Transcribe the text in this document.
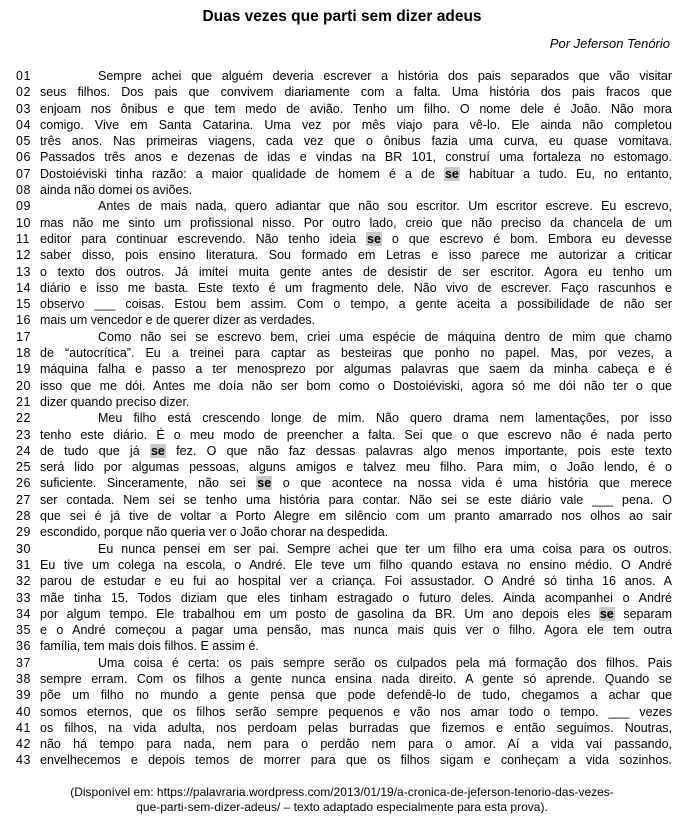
Duas vezes que parti sem dizer adeus
Por Jeferson Tenório
01	Sempre achei que alguém deveria escrever a história dos pais separados que vão visitar
02 seus filhos. Dos pais que convivem diariamente com a falta. Uma história dos pais fracos que
03 enjoam nos ônibus e que tem medo de avião. Tenho um filho. O nome dele é João. Não mora
04 comigo. Vive em Santa Catarina. Uma vez por mês viajo para vê-lo. Ele ainda não completou
05 três anos. Nas primeiras viagens, cada vez que o ônibus fazia uma curva, eu quase vomitava.
06 Passados três anos e dezenas de idas e vindas na BR 101, construí uma fortaleza no estomago.
07 Dostoiéviski tinha razão: a maior qualidade de homem é a de se habituar a tudo. Eu, no entanto,
08 ainda não domei os aviões.
09	Antes de mais nada, quero adiantar que não sou escritor. Um escritor escreve. Eu escrevo,
10 mas não me sinto um profissional nisso. Por outro lado, creio que não preciso da chancela de um
11 editor para continuar escrevendo. Não tenho ideia se o que escrevo é bom. Embora eu devesse
12 saber disso, pois ensino literatura. Sou formado em Letras e isso parece me autorizar a criticar
13 o texto dos outros. Já imitei muita gente antes de desistir de ser escritor. Agora eu tenho um
14 diário e isso me basta. Este texto é um fragmento dele. Não vivo de escrever. Faço rascunhos e
15 observo ___ coisas. Estou bem assim. Com o tempo, a gente aceita a possibilidade de não ser
16 mais um vencedor e de querer dizer as verdades.
17	Como não sei se escrevo bem, criei uma espécie de máquina dentro de mim que chamo
18 de “autocrítica”. Eu a treinei para captar as besteiras que ponho no papel. Mas, por vezes, a
19 máquina falha e passo a ter menosprezo por algumas palavras que saem da minha cabeça e é
20 isso que me dói. Antes me doía não ser bom como o Dostoiéviski, agora só me dói não ter o que
21 dizer quando preciso dizer.
22	Meu filho está crescendo longe de mim. Não quero drama nem lamentações, por isso
23 tenho este diário. É o meu modo de preencher a falta. Sei que o que escrevo não é nada perto
24 de tudo que já se fez. O que não faz dessas palavras algo menos importante, pois este texto
25 será lido por algumas pessoas, alguns amigos e talvez meu filho. Para mim, o João lendo, é o
26 suficiente. Sinceramente, não sei se o que acontece na nossa vida é uma história que merece
27 ser contada. Nem sei se tenho uma história para contar. Não sei se este diário vale ___ pena. O
28 que sei é já tive de voltar a Porto Alegre em silêncio com um pranto amarrado nos olhos ao sair
29 escondido, porque não queria ver o João chorar na despedida.
30	Eu nunca pensei em ser pai. Sempre achei que ter um filho era uma coisa para os outros.
31 Eu tive um colega na escola, o André. Ele teve um filho quando estava no ensino médio. O André
32 parou de estudar e eu fui ao hospital ver a criança. Foi assustador. O André só tinha 16 anos. A
33 mãe tinha 15. Todos diziam que eles tinham estragado o futuro deles. Ainda acompanhei o André
34 por algum tempo. Ele trabalhou em um posto de gasolina da BR. Um ano depois eles se separam
35 e o André começou a pagar uma pensão, mas nunca mais quis ver o filho. Agora ele tem outra
36 família, tem mais dois filhos. E assim é.
37	Uma coisa é certa: os pais sempre serão os culpados pela má formação dos filhos. Pais
38 sempre erram. Com os filhos a gente nunca ensina nada direito. A gente só aprende. Quando se
39 põe um filho no mundo a gente pensa que pode defendê-lo de tudo, chegamos a achar que
40 somos eternos, que os filhos serão sempre pequenos e vão nos amar todo o tempo. ___ vezes
41 os filhos, na vida adulta, nos perdoam pelas burradas que fizemos e então seguimos. Noutras,
42 não há tempo para nada, nem para o perdão nem para o amor. Aí a vida vai passando,
43 envelhecemos e depois temos de morrer para que os filhos sigam e conheçam a vida sozinhos.
(Disponível em: https://palavraria.wordpress.com/2013/01/19/a-cronica-de-jeferson-tenorio-das-vezes-
que-parti-sem-dizer-adeus/ – texto adaptado especialmente para esta prova).
